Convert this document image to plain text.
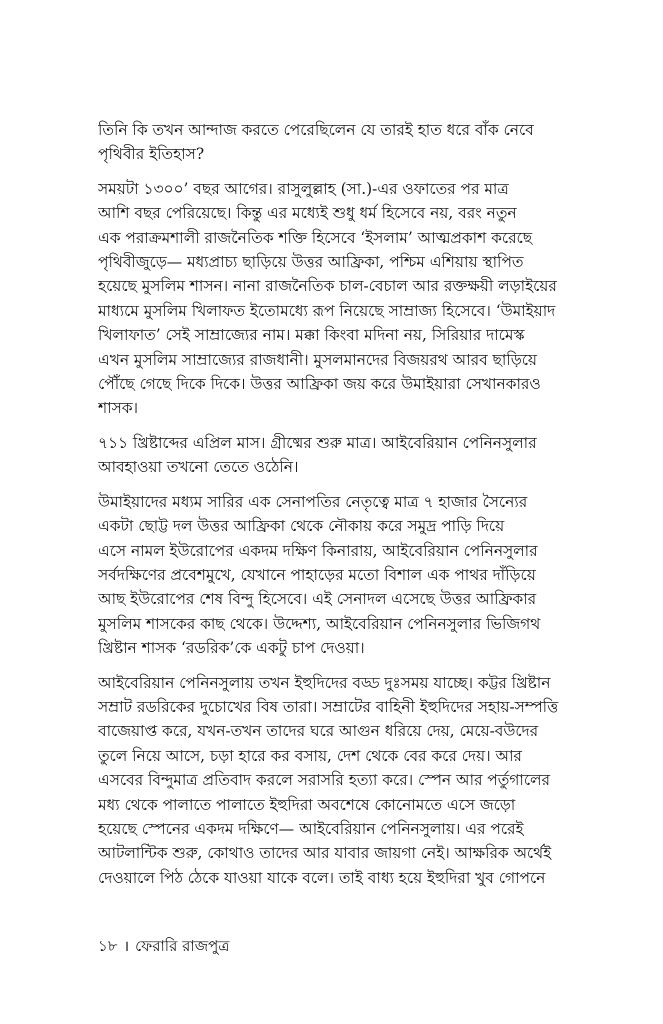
তিনি কি তখন আন্দাজ করতে পেরেছিলেন যে তারই হাত ধরে বাঁক নেবে
পৃথিবীর ইতিহাস?

সময়টা ১৩০০’ বছর আগের। রাসুলুল্লাহ (সা.)-এর ওফাতের পর মাত্র
আশি বছর পেরিয়েছে। কিন্তু এর মধ্যেই শুধু ধর্ম হিসেবে নয়, বরং নতুন
এক পরাক্রমশালী রাজনৈতিক শক্তি হিসেবে ‘ইসলাম’ আত্মপ্রকাশ করেছে
পৃথিবীজুড়ে— মধ্যপ্রাচ্য ছাড়িয়ে উত্তর আফ্রিকা, পশ্চিম এশিয়ায় স্থাপিত
হয়েছে মুসলিম শাসন। নানা রাজনৈতিক চাল-বেচাল আর রক্তক্ষয়ী লড়াইয়ের
মাধ্যমে মুসলিম খিলাফত ইতোমধ্যে রূপ নিয়েছে সাম্রাজ্য হিসেবে। ‘উমাইয়াদ
খিলাফাত’ সেই সাম্রাজ্যের নাম। মক্কা কিংবা মদিনা নয়, সিরিয়ার দামেস্ক
এখন মুসলিম সাম্রাজ্যের রাজধানী। মুসলমানদের বিজয়রথ আরব ছাড়িয়ে
পৌঁছে গেছে দিকে দিকে। উত্তর আফ্রিকা জয় করে উমাইয়ারা সেখানকারও
শাসক।

৭১১ খ্রিষ্টাব্দের এপ্রিল মাস। গ্রীষ্মের শুরু মাত্র। আইবেরিয়ান পেনিনসুলার
আবহাওয়া তখনো তেতে ওঠেনি।

উমাইয়াদের মধ্যম সারির এক সেনাপতির নেতৃত্বে মাত্র ৭ হাজার সৈন্যের
একটা ছোট্ট দল উত্তর আফ্রিকা থেকে নৌকায় করে সমুদ্র পাড়ি দিয়ে
এসে নামল ইউরোপের একদম দক্ষিণ কিনারায়, আইবেরিয়ান পেনিনসুলার
সর্বদক্ষিণের প্রবেশমুখে, যেখানে পাহাড়ের মতো বিশাল এক পাথর দাঁড়িয়ে
আছ ইউরোপের শেষ বিন্দু হিসেবে। এই সেনাদল এসেছে উত্তর আফ্রিকার
মুসলিম শাসকের কাছ থেকে। উদ্দেশ্য, আইবেরিয়ান পেনিনসুলার ভিজিগথ
খ্রিষ্টান শাসক ‘রডরিক’কে একটু চাপ দেওয়া।

আইবেরিয়ান পেনিনসুলায় তখন ইহুদিদের বড্ড দুঃসময় যাচ্ছে। কট্টর খ্রিষ্টান
সম্রাট রডরিকের দুচোখের বিষ তারা। সম্রাটের বাহিনী ইহুদিদের সহায়-সম্পত্তি
বাজেয়াপ্ত করে, যখন-তখন তাদের ঘরে আগুন ধরিয়ে দেয়, মেয়ে-বউদের
তুলে নিয়ে আসে, চড়া হারে কর বসায়, দেশ থেকে বের করে দেয়। আর
এসবের বিন্দুমাত্র প্রতিবাদ করলে সরাসরি হত্যা করে। স্পেন আর পর্তুগালের
মধ্য থেকে পালাতে পালাতে ইহুদিরা অবশেষে কোনোমতে এসে জড়ো
হয়েছে স্পেনের একদম দক্ষিণে— আইবেরিয়ান পেনিনসুলায়। এর পরেই
আটলান্টিক শুরু, কোথাও তাদের আর যাবার জায়গা নেই। আক্ষরিক অর্থেই
দেওয়ালে পিঠ ঠেকে যাওয়া যাকে বলে। তাই বাধ্য হয়ে ইহুদিরা খুব গোপনে

১৮ । ফেরারি রাজপুত্র
